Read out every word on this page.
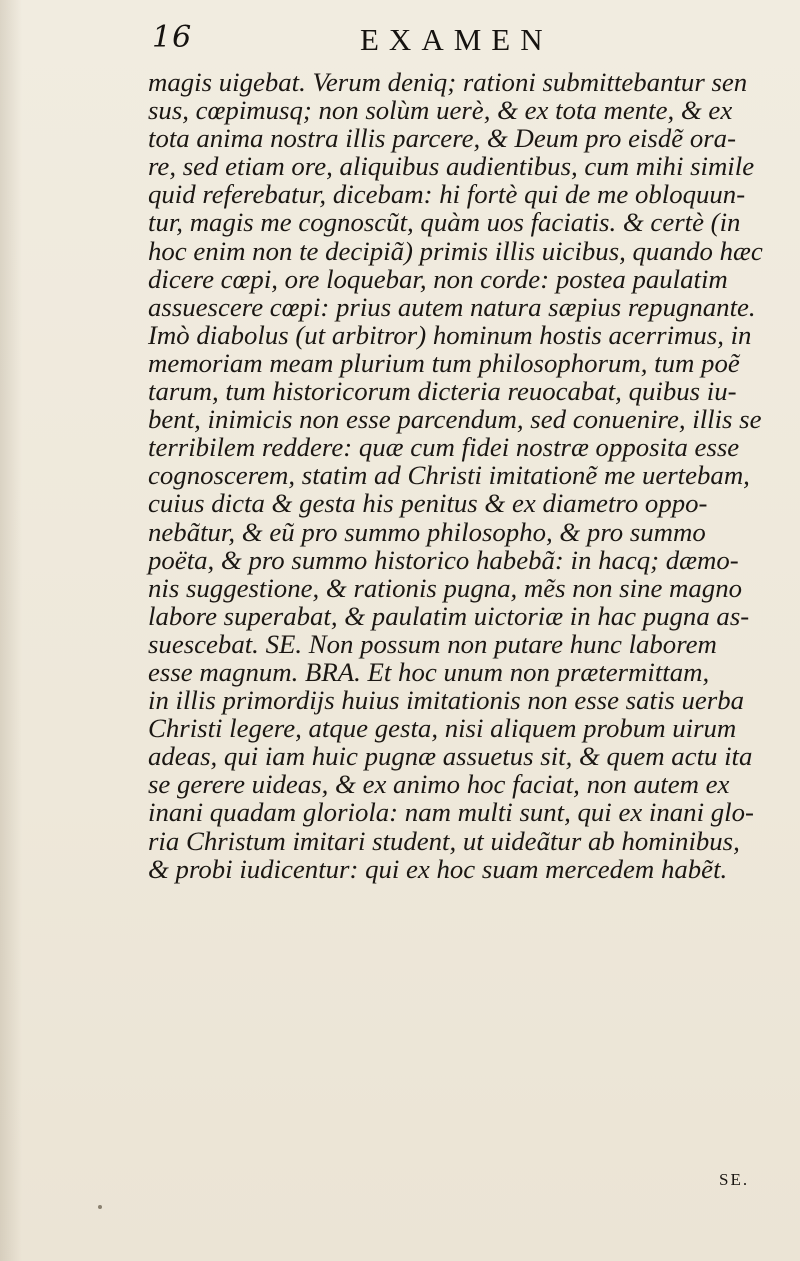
16	EXAMEN
magis uigebat. Verum deniq; rationi submittebantur sen
sus, cœpimusq; non solùm uerè, & ex tota mente, & ex
tota anima nostra illis parcere, & Deum pro eisdẽ ora-
re, sed etiam ore, aliquibus audientibus, cum mihi simile
quid referebatur, dicebam: hi fortè qui de me obloquun-
tur, magis me cognoscũt, quàm uos faciatis. & certè (in
hoc enim non te decipiã) primis illis uicibus, quando hæc
dicere cœpi, ore loquebar, non corde: postea paulatim
assuescere cœpi: prius autem natura sæpius repugnante.
Imò diabolus (ut arbitror) hominum hostis acerrimus, in
memoriam meam plurium tum philosophorum, tum poẽ
tarum, tum historicorum dicteria reuocabat, quibus iu-
bent, inimicis non esse parcendum, sed conuenire, illis se
terribilem reddere: quæ cum fidei nostræ opposita esse
cognoscerem, statim ad Christi imitationẽ me uertebam,
cuius dicta & gesta his penitus & ex diametro oppo-
nebãtur, & eũ pro summo philosopho, & pro summo
poëta, & pro summo historico habebã: in hacq; dæmo-
nis suggestione, & rationis pugna, mẽs non sine magno
labore superabat, & paulatim uictoriæ in hac pugna as-
suescebat. SE. Non possum non putare hunc laborem
esse magnum. BRA. Et hoc unum non prætermittam,
in illis primordijs huius imitationis non esse satis uerba
Christi legere, atque gesta, nisi aliquem probum uirum
adeas, qui iam huic pugnæ assuetus sit, & quem actu ita
se gerere uideas, & ex animo hoc faciat, non autem ex
inani quadam gloriola: nam multi sunt, qui ex inani glo-
ria Christum imitari student, ut uideãtur ab hominibus,
& probi iudicentur: qui ex hoc suam mercedem habẽt.
SE.
